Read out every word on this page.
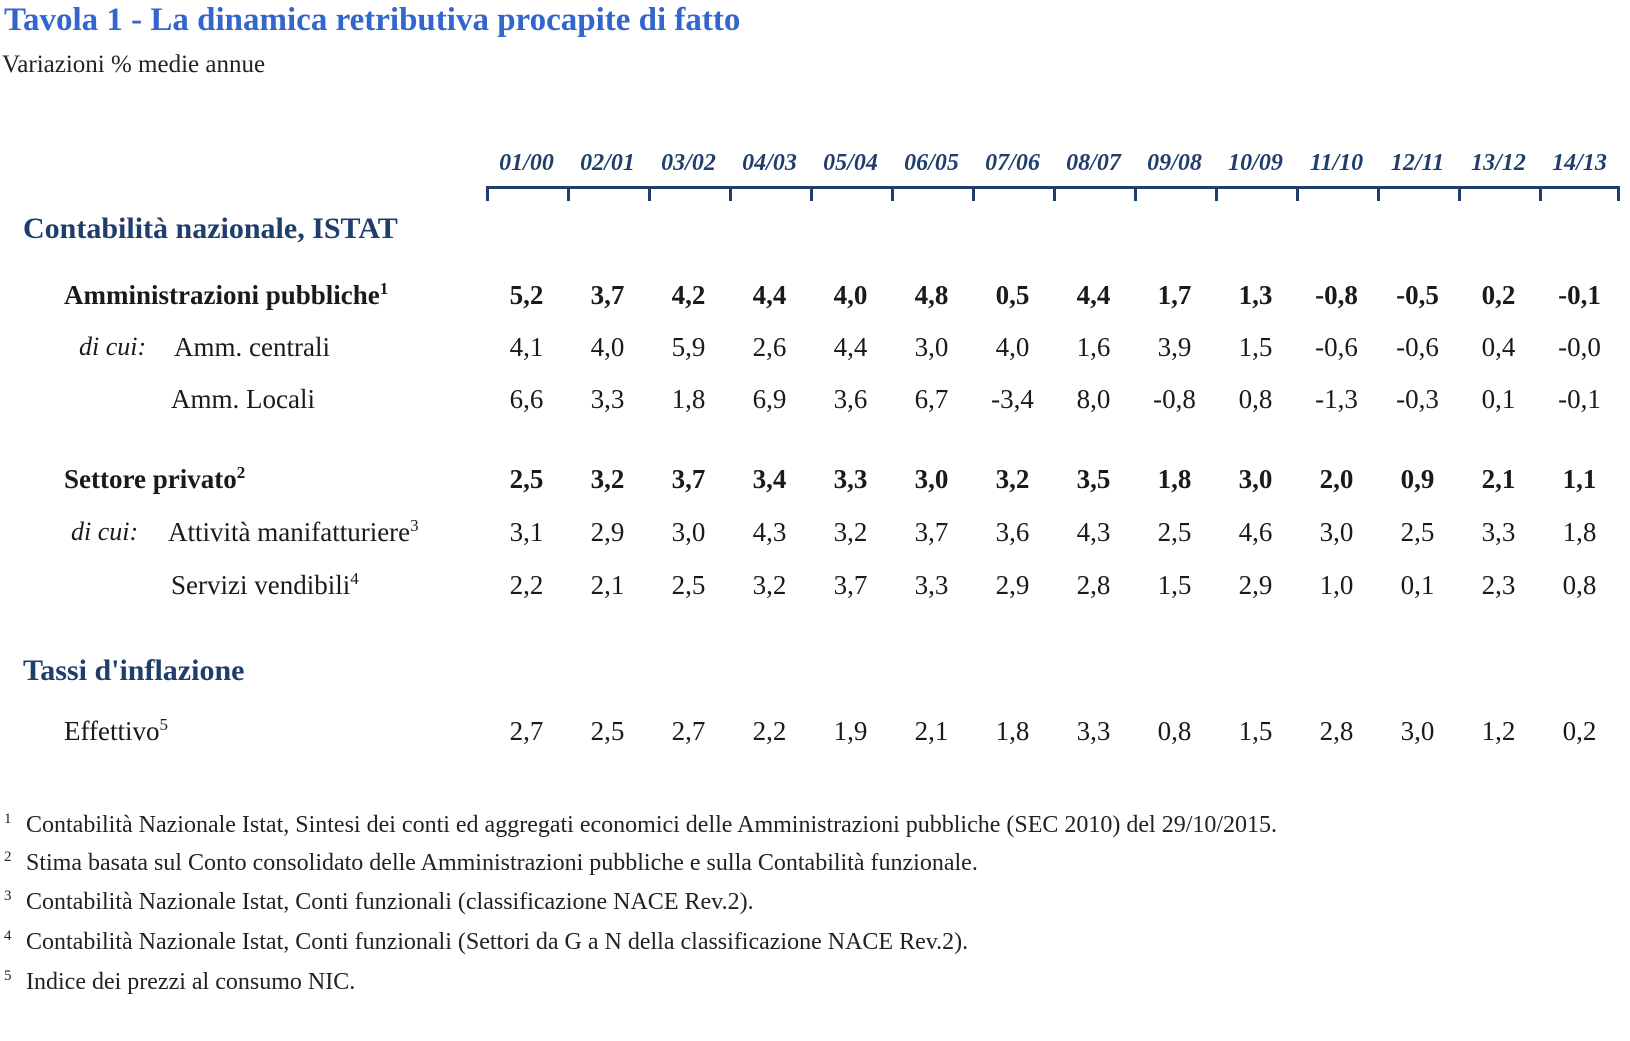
Tavola 1 - La dinamica retributiva procapite di fatto
Variazioni % medie annue
01/00	02/01	03/02	04/03	05/04	06/05	07/06	08/07	09/08	10/09	11/10	12/11	13/12	14/13
Contabilità nazionale, ISTAT
Amministrazioni pubbliche$^1$	5,2	3,7	4,2	4,4	4,0	4,8	0,5	4,4	1,7	1,3	-0,8	-0,5	0,2	-0,1
di cui: Amm. centrali	4,1	4,0	5,9	2,6	4,4	3,0	4,0	1,6	3,9	1,5	-0,6	-0,6	0,4	-0,0
Amm. Locali	6,6	3,3	1,8	6,9	3,6	6,7	-3,4	8,0	-0,8	0,8	-1,3	-0,3	0,1	-0,1
Settore privato$^2$	2,5	3,2	3,7	3,4	3,3	3,0	3,2	3,5	1,8	3,0	2,0	0,9	2,1	1,1
di cui: Attività manifatturiere$^3$	3,1	2,9	3,0	4,3	3,2	3,7	3,6	4,3	2,5	4,6	3,0	2,5	3,3	1,8
Servizi vendibili$^4$	2,2	2,1	2,5	3,2	3,7	3,3	2,9	2,8	1,5	2,9	1,0	0,1	2,3	0,8
Tassi d'inflazione
Effettivo$^5$	2,7	2,5	2,7	2,2	1,9	2,1	1,8	3,3	0,8	1,5	2,8	3,0	1,2	0,2
1 Contabilità Nazionale Istat, Sintesi dei conti ed aggregati economici delle Amministrazioni pubbliche (SEC 2010) del 29/10/2015.
2 Stima basata sul Conto consolidato delle Amministrazioni pubbliche e sulla Contabilità funzionale.
3 Contabilità Nazionale Istat, Conti funzionali (classificazione NACE Rev.2).
4 Contabilità Nazionale Istat, Conti funzionali (Settori da G a N della classificazione NACE Rev.2).
5 Indice dei prezzi al consumo NIC.
